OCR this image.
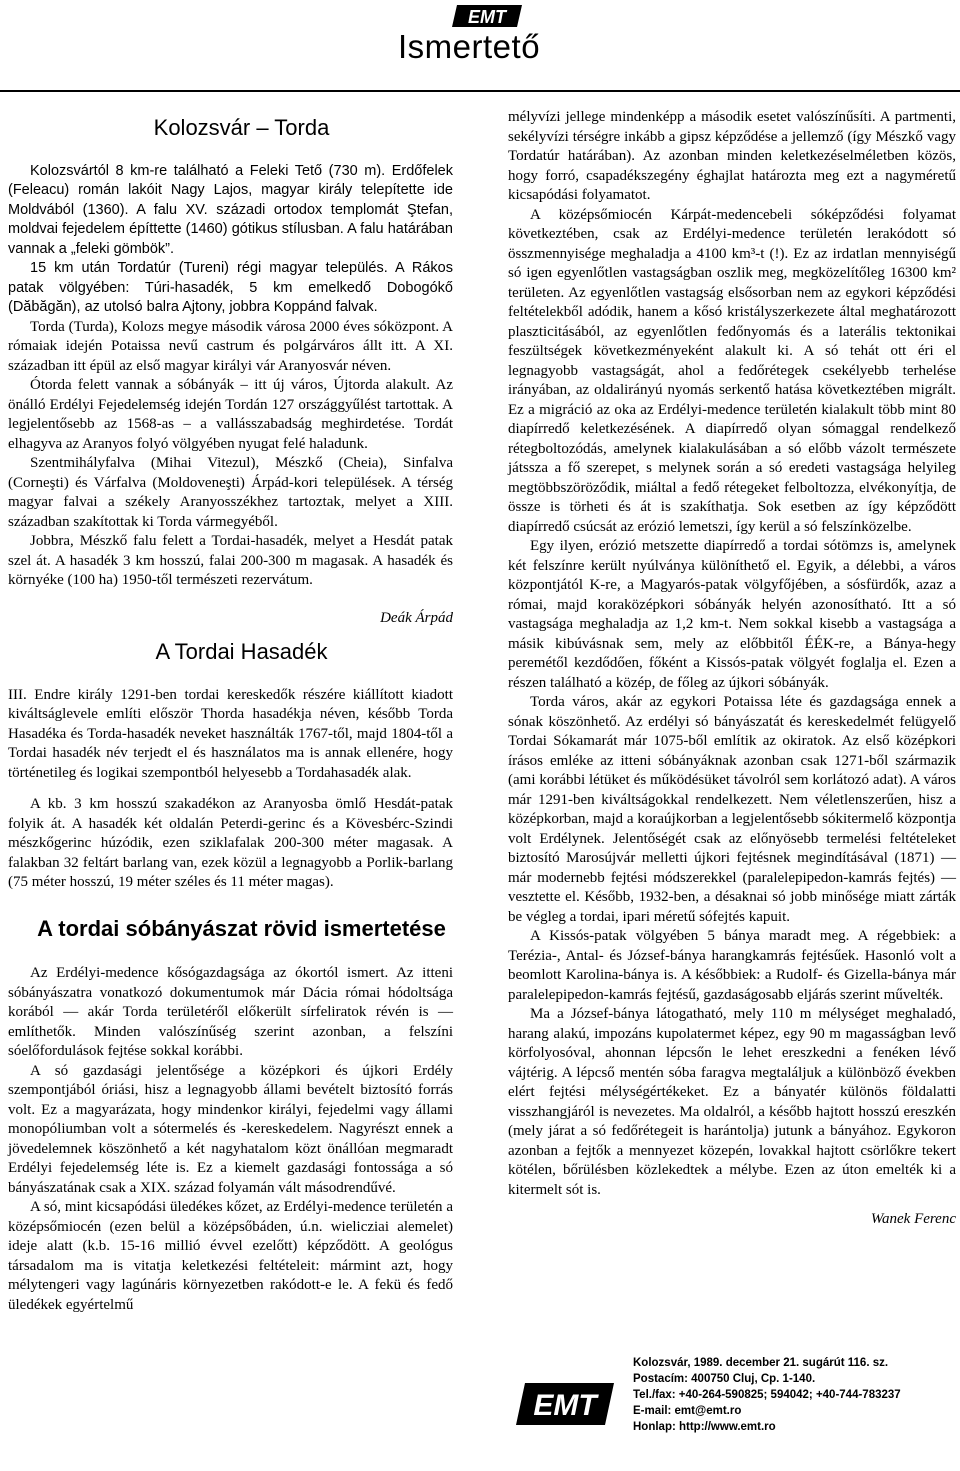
EMT
Ismertető

Kolozsvár – Torda

Kolozsvártól 8 km-re található a Feleki Tető (730 m). Erdőfelek (Feleacu) román lakóit Nagy Lajos, magyar király telepítette ide Moldvából (1360). A falu XV. századi ortodox templomát Ştefan, moldvai fejedelem építtette (1460) gótikus stílusban. A falu határában vannak a „feleki gömbök”.

15 km után Tordatúr (Tureni) régi magyar település. A Rákos patak völgyében: Túri-hasadék, 5 km emelkedő Dobogókő (Dăbăgăn), az utolsó balra Ajtony, jobbra Koppánd falvak.

Torda (Turda), Kolozs megye második városa 2000 éves sóközpont. A rómaiak idején Potaissa nevű castrum és polgárváros állt itt. A XI. században itt épül az első magyar királyi vár Aranyosvár néven.

Ótorda felett vannak a sóbányák – itt új város, Újtorda alakult. Az önálló Erdélyi Fejedelemség idején Tordán 127 országgyűlést tartottak. A legjelentősebb az 1568-as – a vallásszabadság meghirdetése. Tordát elhagyva az Aranyos folyó völgyében nyugat felé haladunk.

Szentmihályfalva (Mihai Vitezul), Mészkő (Cheia), Sinfalva (Corneşti) és Várfalva (Moldoveneşti) Árpád-kori települések. A térség magyar falvai a székely Aranyosszékhez tartoztak, melyet a XIII. században szakítottak ki Torda vármegyéből.

Jobbra, Mészkő falu felett a Tordai-hasadék, melyet a Hesdát patak szel át. A hasadék 3 km hosszú, falai 200-300 m magasak. A hasadék és környéke (100 ha) 1950-től természeti rezervátum.

Deák Árpád

A Tordai Hasadék

III. Endre király 1291-ben tordai kereskedők részére kiállított kiadott kiváltságlevele említi először Thorda hasadékja néven, később Torda Hasadéka és Torda-hasadék neveket használták 1767-től, majd 1804-től a Tordai hasadék név terjedt el és használatos ma is annak ellenére, hogy történetileg és logikai szempontból helyesebb a Tordahasadék alak.

A kb. 3 km hosszú szakadékon az Aranyosba ömlő Hesdát-patak folyik át. A hasadék két oldalán Peterdi-gerinc és a Kövesbérc-Szindi mészkőgerinc húzódik, ezen sziklafalak 200-300 méter magasak. A falakban 32 feltárt barlang van, ezek közül a legnagyobb a Porlik-barlang (75 méter hosszú, 19 méter széles és 11 méter magas).

A tordai sóbányászat rövid ismertetése

Az Erdélyi-medence kősógazdagsága az ókortól ismert. Az itteni sóbányászatra vonatkozó dokumentumok már Dácia római hódoltsága korából — akár Torda területéről előkerült sírfeliratok révén is — említhetők. Minden valószínűség szerint azonban, a felszíni sóelőfordulások fejtése sokkal korábbi.

A só gazdasági jelentősége a középkori és újkori Erdély szempontjából óriási, hisz a legnagyobb állami bevételt biztosító forrás volt. Ez a magyarázata, hogy mindenkor királyi, fejedelmi vagy állami monopóliumban volt a sótermelés és -kereskedelem. Nagyrészt ennek a jövedelemnek köszönhető a két nagyhatalom közt önállóan megmaradt Erdélyi fejedelemség léte is. Ez a kiemelt gazdasági fontossága a só bányászatának csak a XIX. század folyamán vált másodrendűvé.

A só, mint kicsapódási üledékes kőzet, az Erdélyi-medence területén a középsőmiocén (ezen belül a középsőbáden, ú.n. wielicziai alemelet) ideje alatt (k.b. 15-16 millió évvel ezelőtt) képződött. A geológus társadalom ma is vitatja keletkezési feltételeit: mármint azt, hogy mélytengeri vagy lagúnáris környezetben rakódott-e le. A fekü és fedő üledékek egyértelmű

mélyvízi jellege mindenképp a második esetet valószínűsíti. A partmenti, sekélyvízi térségre inkább a gipsz képződése a jellemző (így Mészkő vagy Tordatúr határában). Az azonban minden keletkezéselméletben közös, hogy forró, csapadékszegény éghajlat határozta meg ezt a nagyméretű kicsapódási folyamatot.

A középsőmiocén Kárpát-medencebeli sóképződési folyamat következtében, csak az Erdélyi-medence területén lerakódott só összmennyisége meghaladja a 4100 km³-t (!). Ez az irdatlan mennyiségű só igen egyenlőtlen vastagságban oszlik meg, megközelítőleg 16300 km² területen. Az egyenlőtlen vastagság elsősorban nem az egykori képződési feltételekből adódik, hanem a kősó kristályszerkezete által meghatározott plaszticitásából, az egyenlőtlen fedőnyomás és a laterális tektonikai feszültségek következményeként alakult ki. A só tehát ott éri el legnagyobb vastagságát, ahol a fedőrétegek csekélyebb terhelése irányában, az oldalirányú nyomás serkentő hatása következtében migrált. Ez a migráció az oka az Erdélyi-medence területén kialakult több mint 80 diapírredő keletkezésének. A diapírredő olyan sómaggal rendelkező rétegboltozódás, amelynek kialakulásában a só előbb vázolt természete játssza a fő szerepet, s melynek során a só eredeti vastagsága helyileg megtöbbszöröződik, miáltal a fedő rétegeket felboltozza, elvékonyítja, de össze is törheti és át is szakíthatja. Sok esetben az így képződött diapírredő csúcsát az erózió lemetszi, így kerül a só felszínközelbe.

Egy ilyen, erózió metszette diapírredő a tordai sótömzs is, amelynek két felszínre került nyúlványa különíthető el. Egyik, a délebbi, a város központjától K-re, a Magyarós-patak völgyfőjében, a sósfürdők, azaz a római, majd koraközépkori sóbányák helyén azonosítható. Itt a só vastagsága meghaladja az 1,2 km-t. Nem sokkal kisebb a vastagsága a másik kibúvásnak sem, mely az előbbitől ÉÉK-re, a Bánya-hegy peremétől kezdődően, főként a Kissós-patak völgyét foglalja el. Ezen a részen található a közép, de főleg az újkori sóbányák.

Torda város, akár az egykori Potaissa léte és gazdagsága ennek a sónak köszönhető. Az erdélyi só bányászatát és kereskedelmét felügyelő Tordai Sókamarát már 1075-ből említik az okiratok. Az első középkori írásos emléke az itteni sóbányáknak azonban csak 1271-ből származik (ami korábbi létüket és működésüket távolról sem korlátozó adat). A város már 1291-ben kiváltságokkal rendelkezett. Nem véletlenszerűen, hisz a középkorban, majd a koraújkorban a legjelentősebb sókitermelő központja volt Erdélynek. Jelentőségét csak az előnyösebb termelési feltételeket biztosító Marosújvár melletti újkori fejtésnek megindításával (1871) — már modernebb fejtési módszerekkel (paralelepipedon-kamrás fejtés) — vesztette el. Később, 1932-ben, a désaknai só jobb minősége miatt zárták be végleg a tordai, ipari méretű sófejtés kapuit.

A Kissós-patak völgyében 5 bánya maradt meg. A régebbiek: a Terézia-, Antal- és József-bánya harangkamrás fejtésűek. Hasonló volt a beomlott Karolina-bánya is. A későbbiek: a Rudolf- és Gizella-bánya már paralelepipedon-kamrás fejtésű, gazdaságosabb eljárás szerint művelték.

Ma a József-bánya látogatható, mely 110 m mélységet meghaladó, harang alakú, impozáns kupolatermet képez, egy 90 m magasságban levő körfolyosóval, ahonnan lépcsőn le lehet ereszkedni a fenéken lévő vájtérig. A lépcső mentén sóba faragva megtaláljuk a különböző években elért fejtési mélységértékeket. Ez a bányatér különös földalatti visszhangjáról is nevezetes. Ma oldalról, a később hajtott hosszú ereszkén (mely járat a só fedőrétegeit is harántolja) jutunk a bányához. Egykoron azonban a fejtők a mennyezet közepén, lovakkal hajtott csörlőkre tekert kötélen, bőrülésben közlekedtek a mélybe. Ezen az úton emelték ki a kitermelt sót is.

Wanek Ferenc

EMT
Kolozsvár, 1989. december 21. sugárút 116. sz.
Postacím: 400750 Cluj, Cp. 1-140.
Tel./fax: +40-264-590825; 594042; +40-744-783237
E-mail: emt@emt.ro
Honlap: http://www.emt.ro
